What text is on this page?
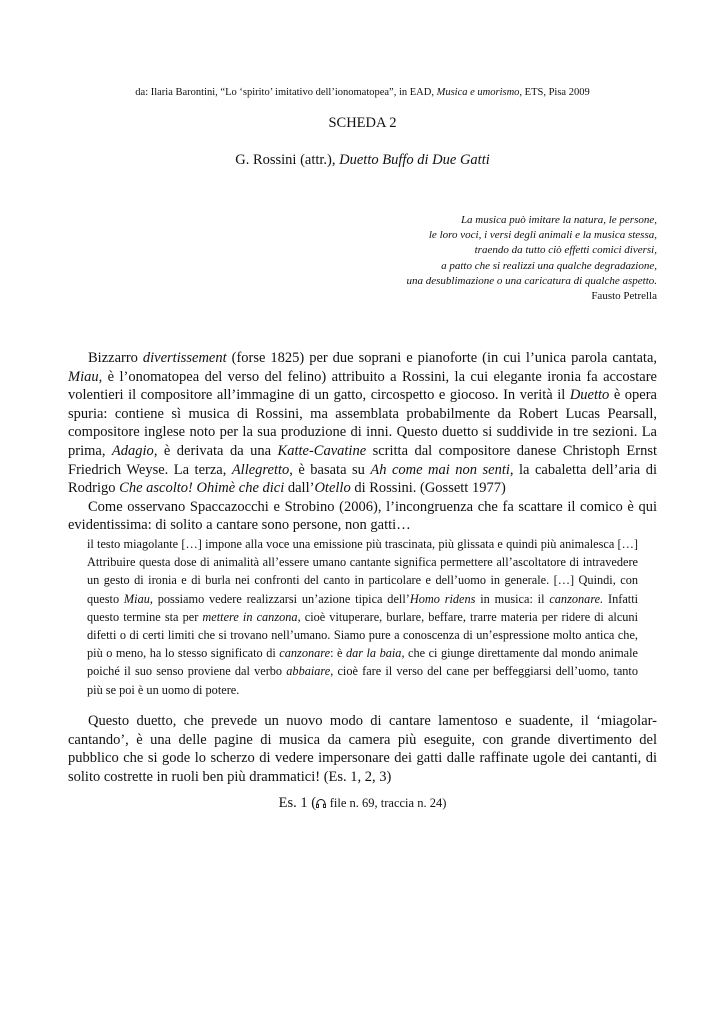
da: Ilaria Barontini, “Lo ‘spirito’ imitativo dell’ionomatopea”, in EAD, Musica e umorismo, ETS, Pisa 2009
SCHEDA 2
G. Rossini (attr.), Duetto Buffo di Due Gatti
La musica può imitare la natura, le persone,
le loro voci, i versi degli animali e la musica stessa,
traendo da tutto ciò effetti comici diversi,
a patto che si realizzi una qualche degradazione,
una desublimazione o una caricatura di qualche aspetto.
Fausto Petrella

Bizzarro divertissement (forse 1825) per due soprani e pianoforte (in cui l’unica parola cantata, Miau, è l’onomatopea del verso del felino) attribuito a Rossini, la cui elegante ironia fa accostare volentieri il compositore all’immagine di un gatto, circospetto e giocoso. In verità il Duetto è opera spuria: contiene sì musica di Rossini, ma assemblata probabilmente da Robert Lucas Pearsall, compositore inglese noto per la sua produzione di inni. Questo duetto si suddivide in tre sezioni. La prima, Adagio, è derivata da una Katte-Cavatine scritta dal compositore danese Christoph Ernst Friedrich Weyse. La terza, Allegretto, è basata su Ah come mai non senti, la cabaletta dell’aria di Rodrigo Che ascolto! Ohimè che dici dall’Otello di Rossini. (Gossett 1977)

Come osservano Spaccazocchi e Strobino (2006), l’incongruenza che fa scattare il comico è qui evidentissima: di solito a cantare sono persone, non gatti…

il testo miagolante […] impone alla voce una emissione più trascinata, più glissata e quindi più animalesca […] Attribuire questa dose di animalità all’essere umano cantante significa permettere all’ascoltatore di intravedere un gesto di ironia e di burla nei confronti del canto in particolare e dell’uomo in generale. […] Quindi, con questo Miau, possiamo vedere realizzarsi un’azione tipica dell’Homo ridens in musica: il canzonare. Infatti questo termine sta per mettere in canzona, cioè vituperare, burlare, beffare, trarre materia per ridere di alcuni difetti o di certi limiti che si trovano nell’umano. Siamo pure a conoscenza di un’espressione molto antica che, più o meno, ha lo stesso significato di canzonare: è dar la baia, che ci giunge direttamente dal mondo animale poiché il suo senso proviene dal verbo abbaiare, cioè fare il verso del cane per beffeggiarsi dell’uomo, tanto più se poi è un uomo di potere.

Questo duetto, che prevede un nuovo modo di cantare lamentoso e suadente, il ‘miagolar-cantando’, è una delle pagine di musica da camera più eseguite, con grande divertimento del pubblico che si gode lo scherzo di vedere impersonare dei gatti dalle raffinate ugole dei cantanti, di solito costrette in ruoli ben più drammatici! (Es. 1, 2, 3)

Es. 1 ( file n. 69, traccia n. 24)
